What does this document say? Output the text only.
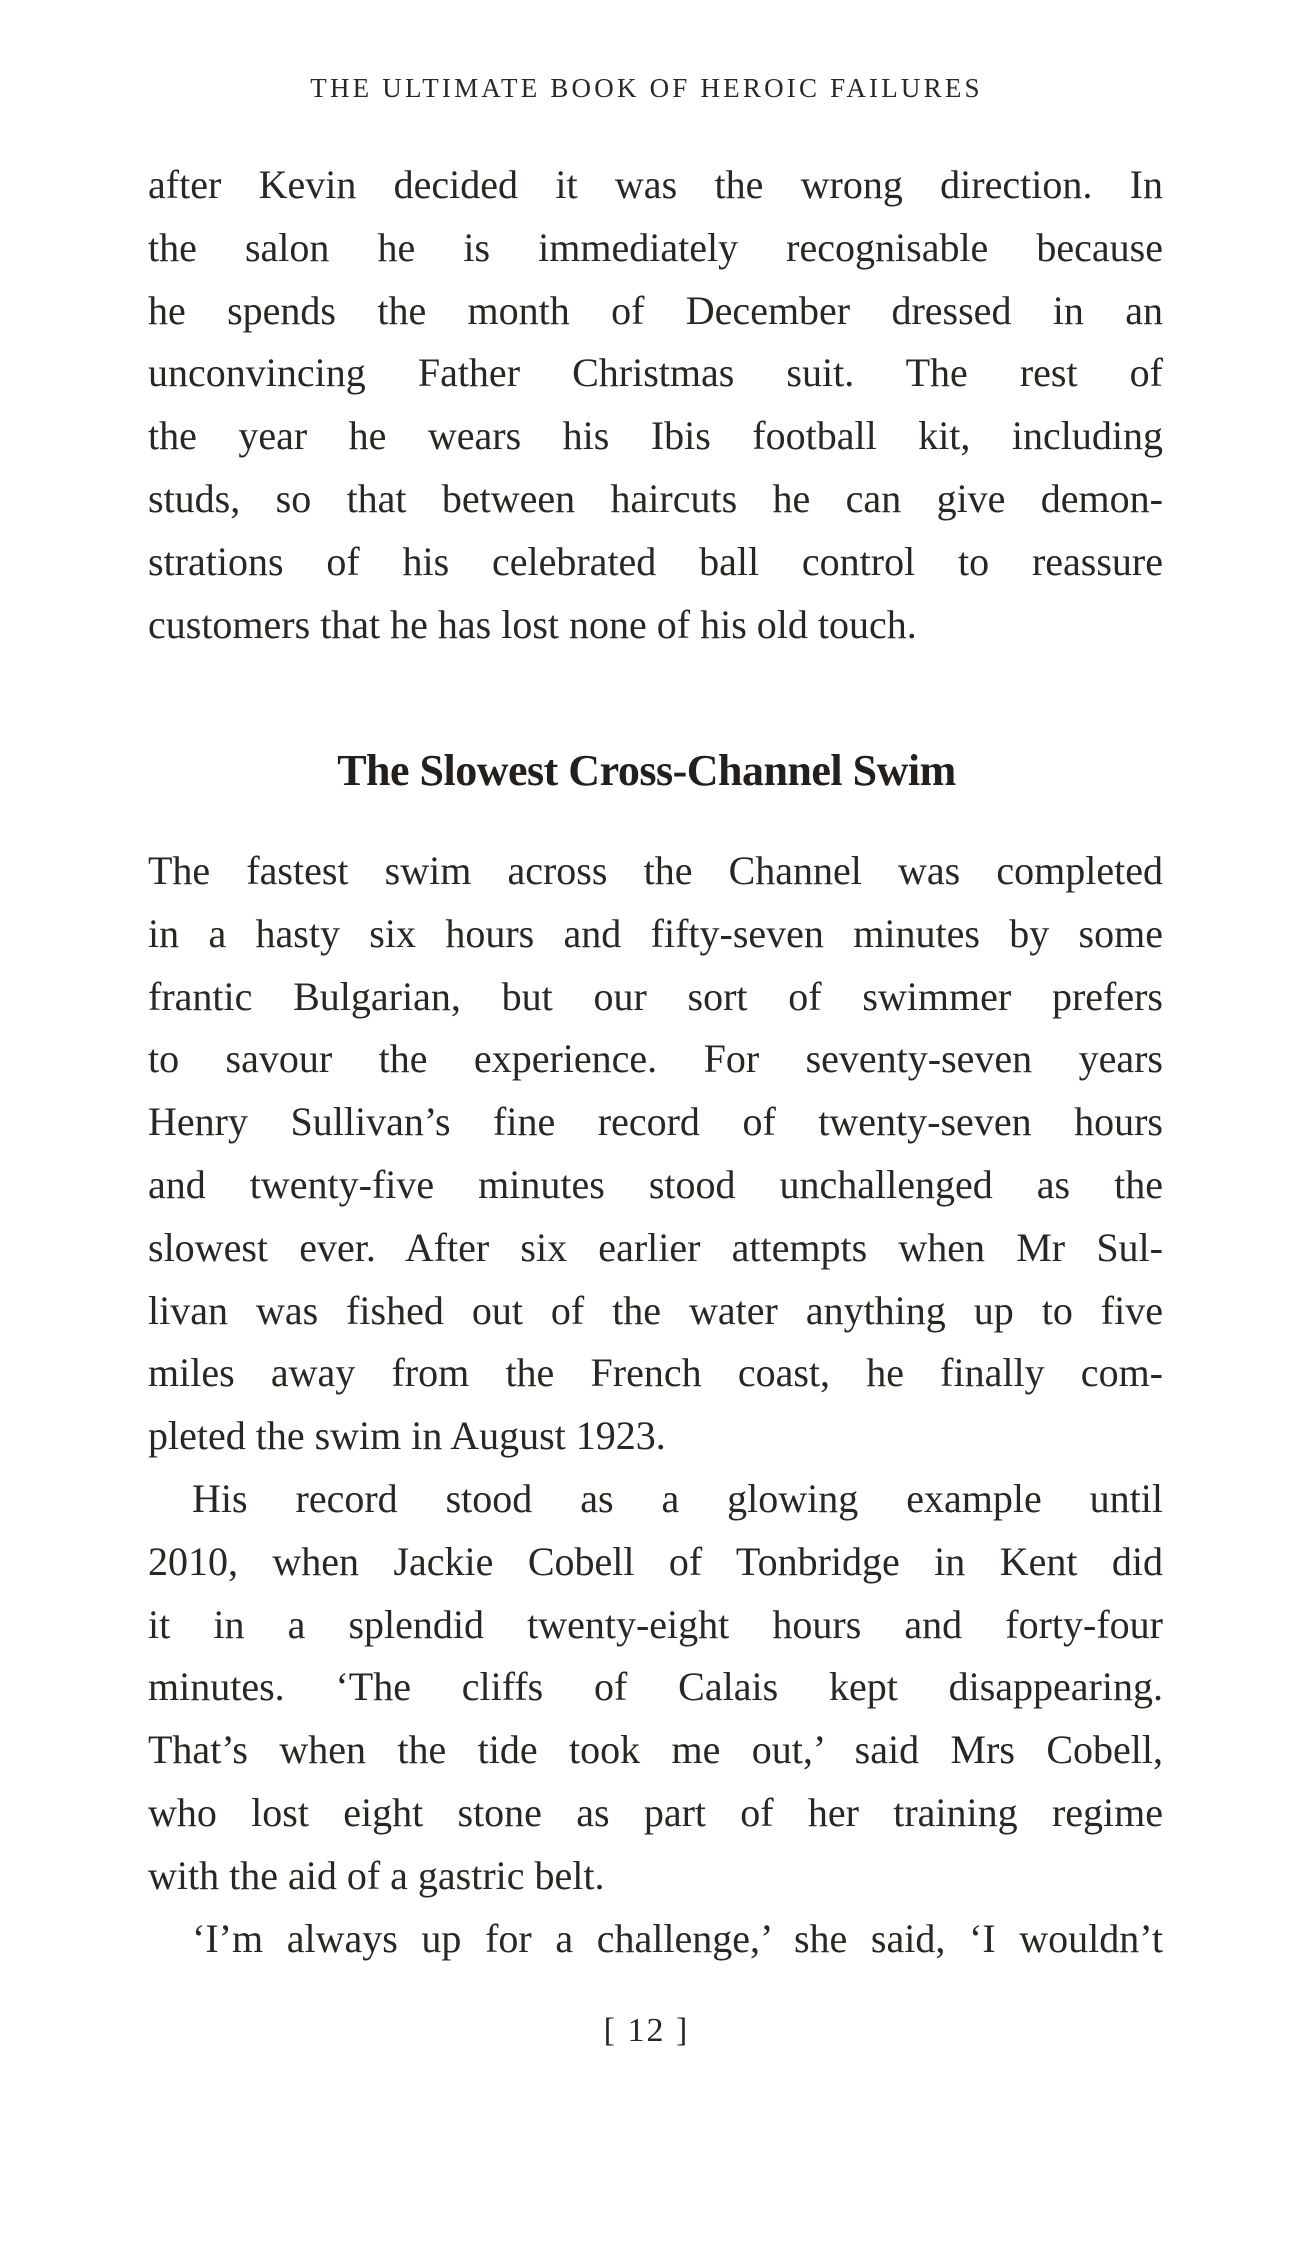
THE ULTIMATE BOOK OF HEROIC FAILURES
after Kevin decided it was the wrong direction. In
the salon he is immediately recognisable because
he spends the month of December dressed in an
unconvincing Father Christmas suit. The rest of
the year he wears his Ibis football kit, including
studs, so that between haircuts he can give demon-
strations of his celebrated ball control to reassure
customers that he has lost none of his old touch.
The Slowest Cross-Channel Swim
The fastest swim across the Channel was completed
in a hasty six hours and fifty-seven minutes by some
frantic Bulgarian, but our sort of swimmer prefers
to savour the experience. For seventy-seven years
Henry Sullivan’s fine record of twenty-seven hours
and twenty-five minutes stood unchallenged as the
slowest ever. After six earlier attempts when Mr Sul-
livan was fished out of the water anything up to five
miles away from the French coast, he finally com-
pleted the swim in August 1923.
His record stood as a glowing example until
2010, when Jackie Cobell of Tonbridge in Kent did
it in a splendid twenty-eight hours and forty-four
minutes. ‘The cliffs of Calais kept disappearing.
That’s when the tide took me out,’ said Mrs Cobell,
who lost eight stone as part of her training regime
with the aid of a gastric belt.
‘I’m always up for a challenge,’ she said, ‘I wouldn’t
[ 12 ]
